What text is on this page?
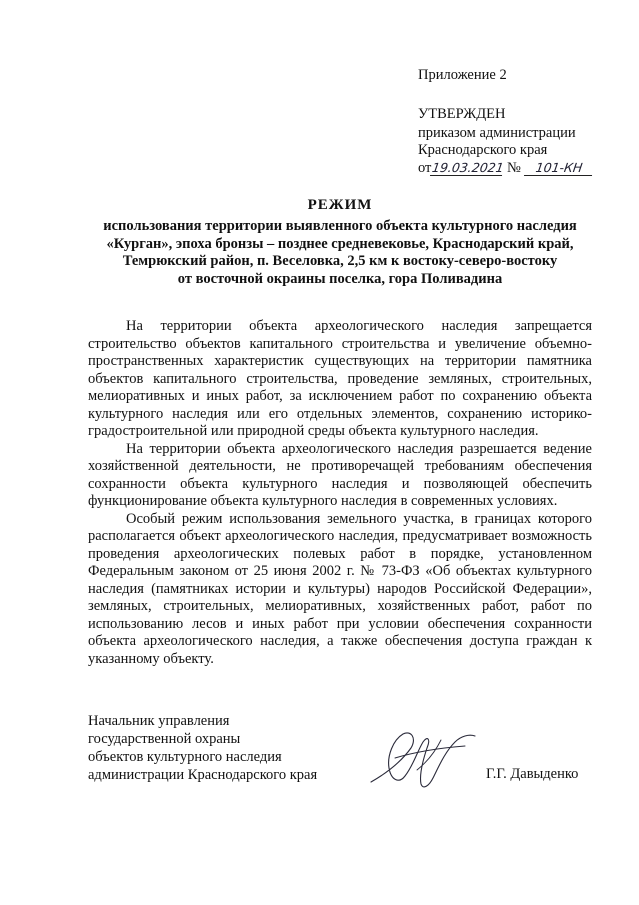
Приложение 2
УТВЕРЖДЕН
приказом администрации
Краснодарского края
от19.03.2021 № 101-КН
РЕЖИМ
использования территории выявленного объекта культурного наследия
«Курган», эпоха бронзы – позднее средневековье, Краснодарский край,
Темрюкский район, п. Веселовка, 2,5 км к востоку-северо-востоку
от восточной окраины поселка, гора Поливадина

На территории объекта археологического наследия запрещается строительство объектов капитального строительства и увеличение объемно-пространственных характеристик существующих на территории памятника объектов капитального строительства, проведение земляных, строительных, мелиоративных и иных работ, за исключением работ по сохранению объекта культурного наследия или его отдельных элементов, сохранению историко-градостроительной или природной среды объекта культурного наследия.

На территории объекта археологического наследия разрешается ведение хозяйственной деятельности, не противоречащей требованиям обеспечения сохранности объекта культурного наследия и позволяющей обеспечить функционирование объекта культурного наследия в современных условиях.

Особый режим использования земельного участка, в границах которого располагается объект археологического наследия, предусматривает возможность проведения археологических полевых работ в порядке, установленном Федеральным законом от 25 июня 2002 г. № 73-ФЗ «Об объектах культурного наследия (памятниках истории и культуры) народов Российской Федерации», земляных, строительных, мелиоративных, хозяйственных работ, работ по использованию лесов и иных работ при условии обеспечения сохранности объекта археологического наследия, а также обеспечения доступа граждан к указанному объекту.

Начальник управления
государственной охраны
объектов культурного наследия
администрации Краснодарского края	Г.Г. Давыденко
